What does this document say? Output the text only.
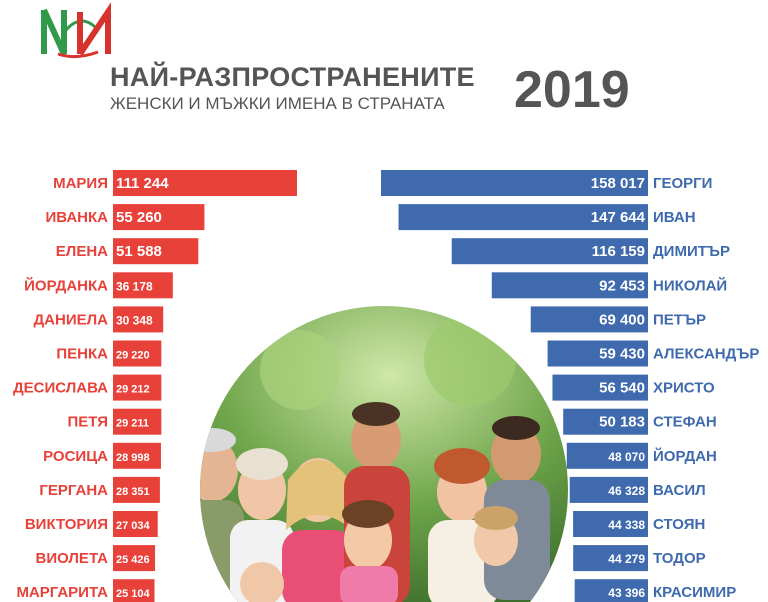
НАЙ-РАЗПРОСТРАНЕНИТЕ
ЖЕНСКИ И МЪЖКИ ИМЕНА В СТРАНАТА 2019
МАРИЯ 111 244
ИВАНКА 55 260
ЕЛЕНА 51 588
ЙОРДАНКА 36 178
ДАНИЕЛА 30 348
ПЕНКА 29 220
ДЕСИСЛАВА 29 212
ПЕТЯ 29 211
РОСИЦА 28 998
ГЕРГАНА 28 351
ВИКТОРИЯ 27 034
ВИОЛЕТА 25 426
МАРГАРИТА 25 104
ГЕОРГИ
158 017
ИВАН
147 644
ДИМИТЪР
116 159
НИКОЛАЙ
92 453
ПЕТЪР
69 400
АЛЕКСАНДЪР
59 430
ХРИСТО
56 540
СТЕФАН
50 183
ЙОРДАН
48 070
ВАСИЛ
46 328
СТОЯН
44 338
ТОДОР
44 279
КРАСИМИР
43 396
